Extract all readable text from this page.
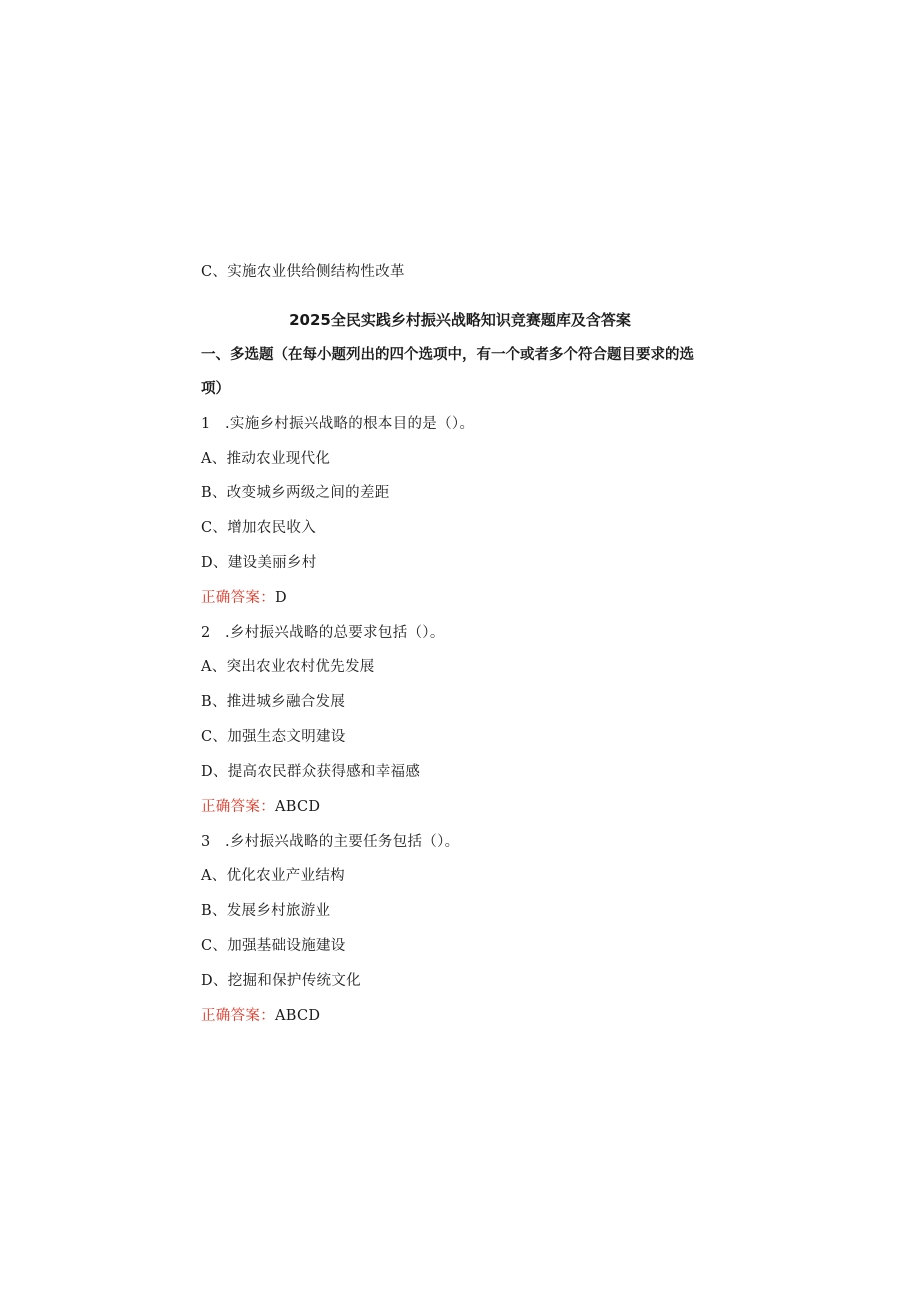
C、实施农业供给侧结构性改革
2025全民实践乡村振兴战略知识竞赛题库及含答案
一、多选题（在每小题列出的四个选项中，有一个或者多个符合题目要求的选
项）
1 .实施乡村振兴战略的根本目的是（）。
A、推动农业现代化
B、改变城乡两级之间的差距
C、增加农民收入
D、建设美丽乡村
正确答案：D
2 .乡村振兴战略的总要求包括（）。
A、突出农业农村优先发展
B、推进城乡融合发展
C、加强生态文明建设
D、提高农民群众获得感和幸福感
正确答案：ABCD
3 .乡村振兴战略的主要任务包括（）。
A、优化农业产业结构
B、发展乡村旅游业
C、加强基础设施建设
D、挖掘和保护传统文化
正确答案：ABCD
